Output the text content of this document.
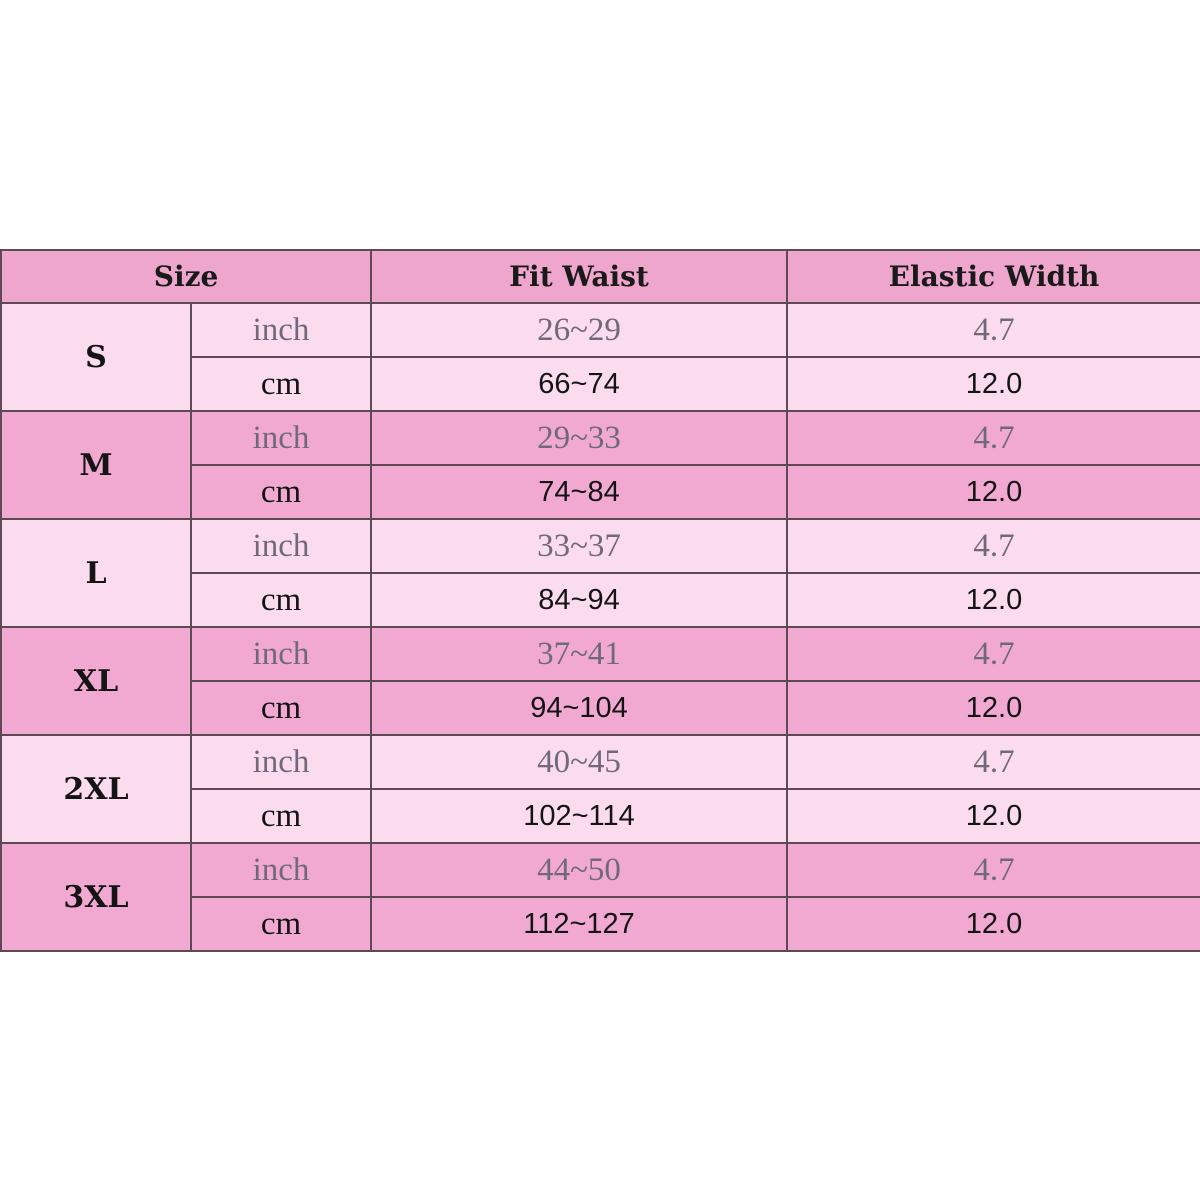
Size		Fit Waist	Elastic Width
S	inch	26~29	4.7
	cm	66~74	12.0
M	inch	29~33	4.7
	cm	74~84	12.0
L	inch	33~37	4.7
	cm	84~94	12.0
XL	inch	37~41	4.7
	cm	94~104	12.0
2XL	inch	40~45	4.7
	cm	102~114	12.0
3XL	inch	44~50	4.7
	cm	112~127	12.0
